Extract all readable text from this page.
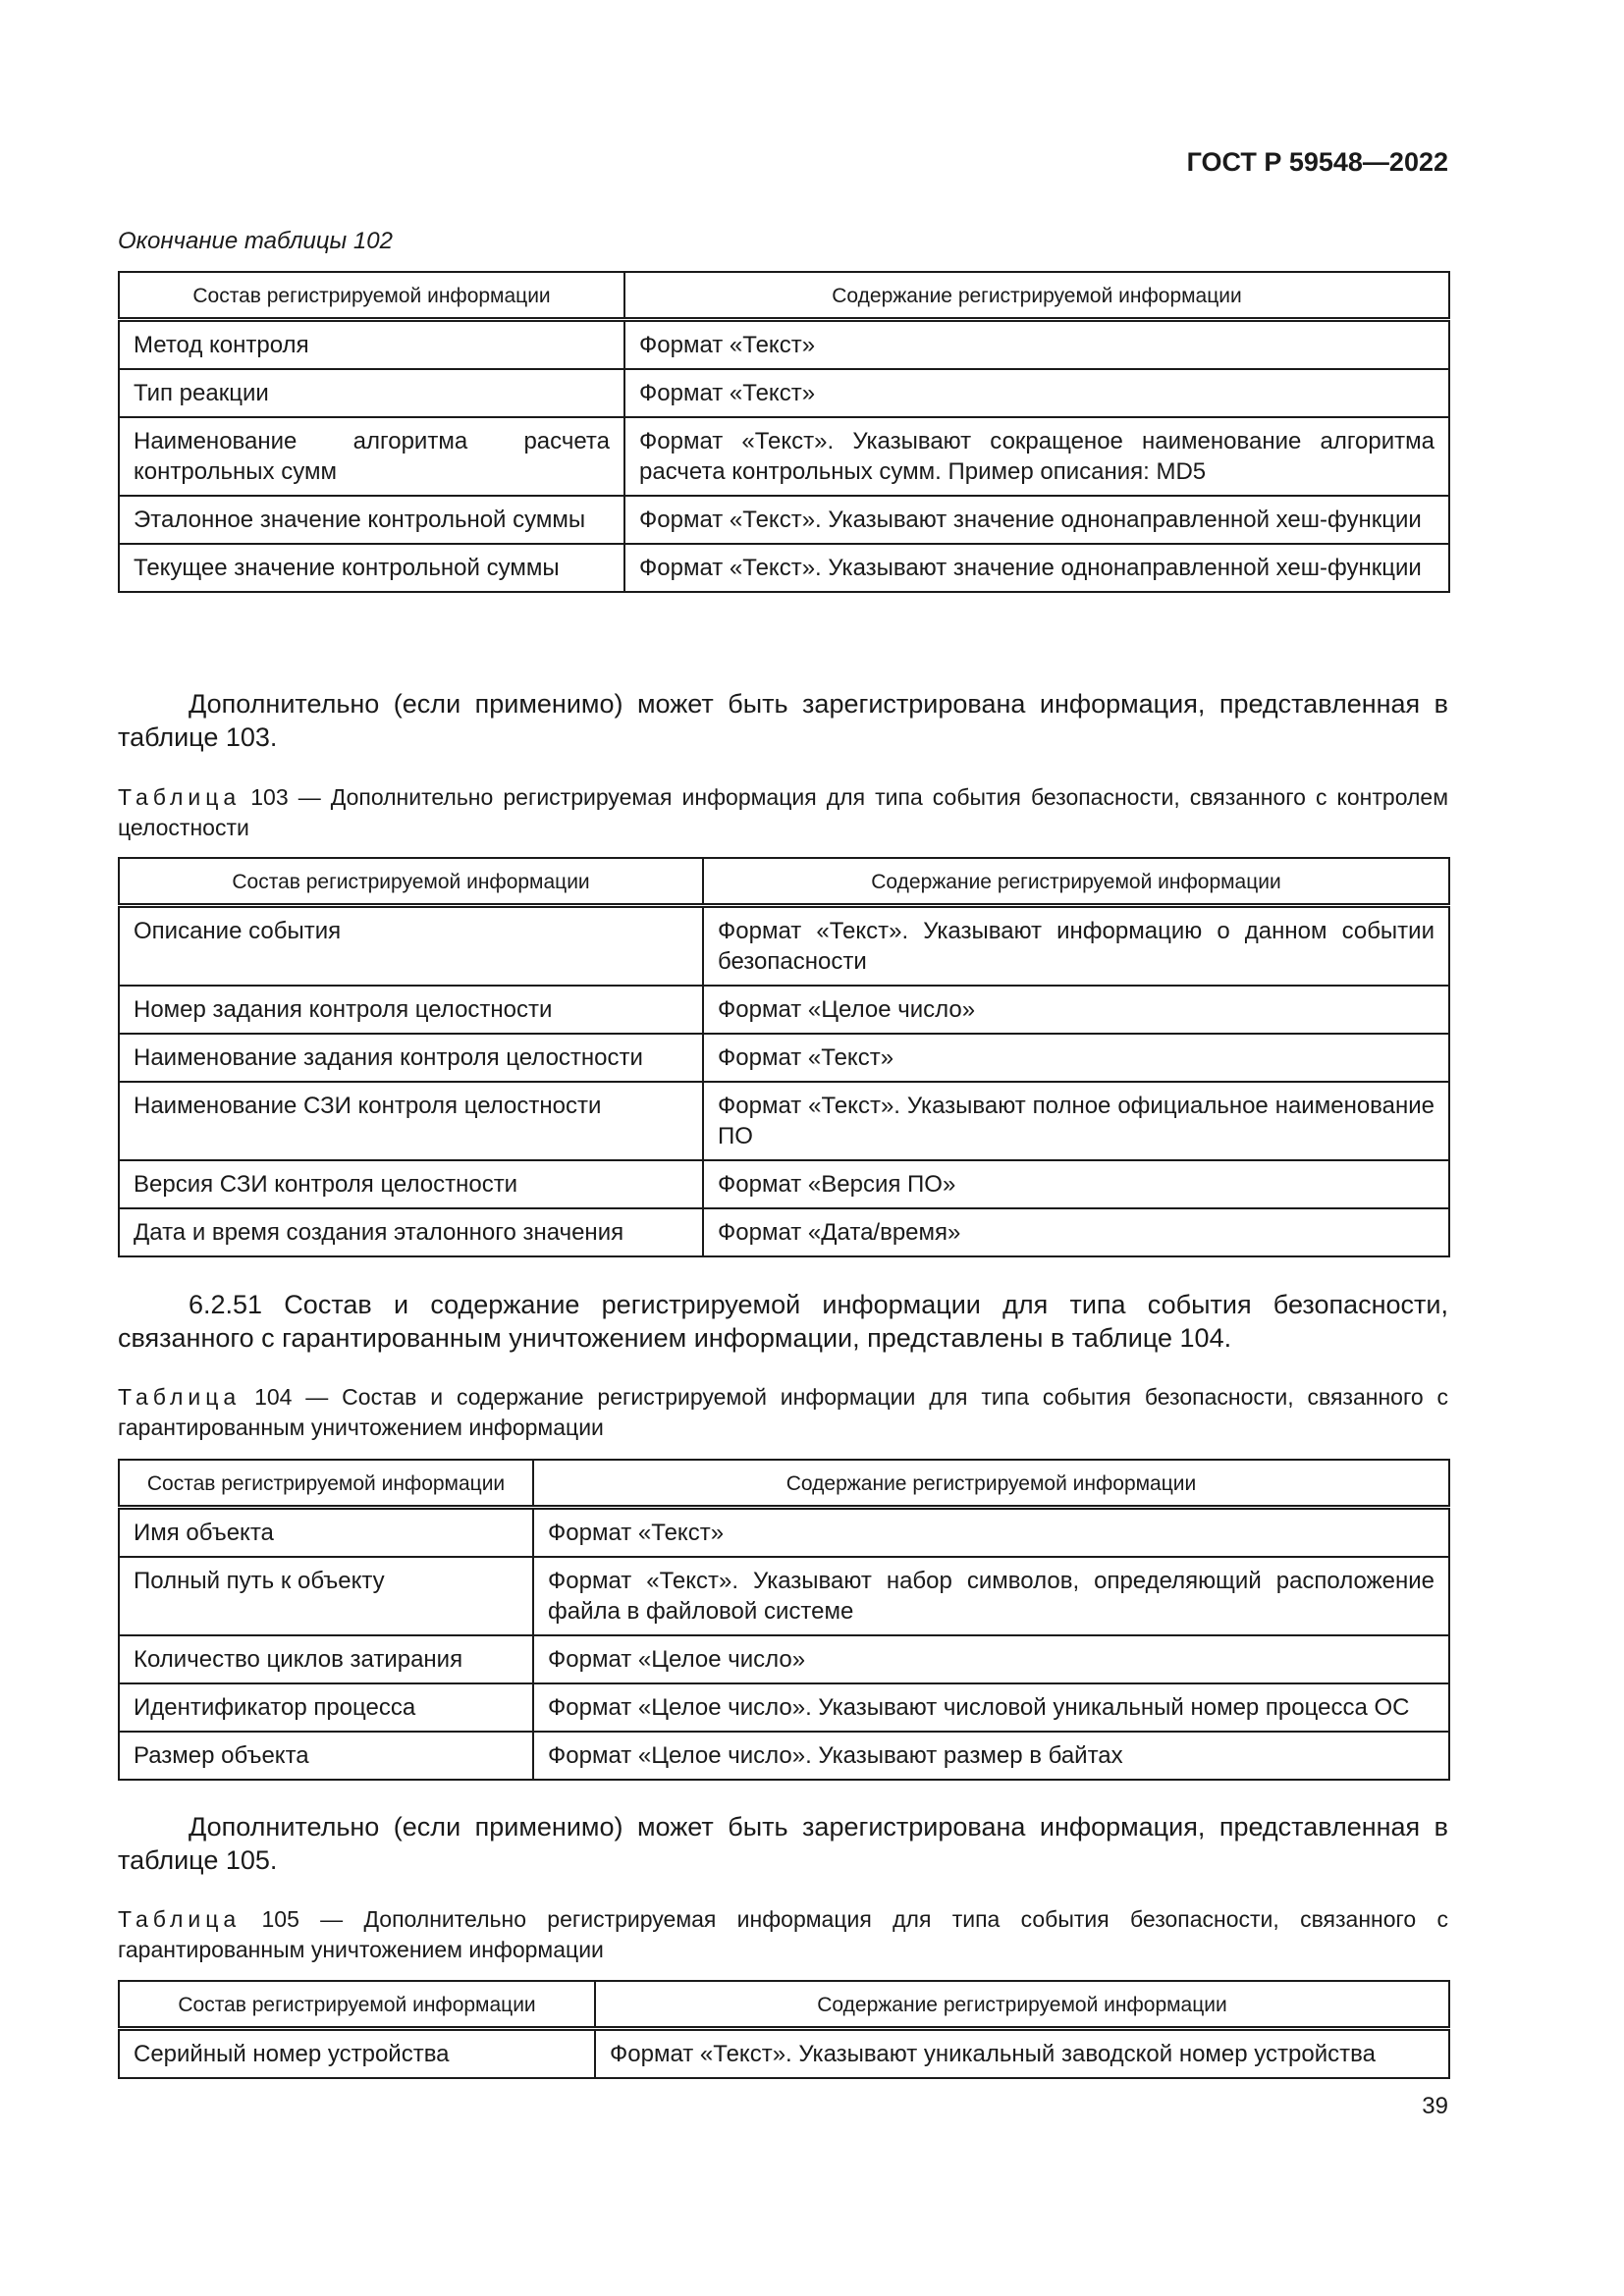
ГОСТ Р 59548—2022
Окончание таблицы 102
Состав регистрируемой информации	Содержание регистрируемой информации
Метод контроля	Формат «Текст»
Тип реакции	Формат «Текст»
Наименование алгоритма расчета контрольных сумм	Формат «Текст». Указывают сокращеное наименование алгоритма расчета контрольных сумм. Пример описания: MD5
Эталонное значение контрольной суммы	Формат «Текст». Указывают значение однонаправленной хеш-функции
Текущее значение контрольной суммы	Формат «Текст». Указывают значение однонаправленной хеш-функции
Дополнительно (если применимо) может быть зарегистрирована информация, представленная в таблице 103.
Таблица 103 — Дополнительно регистрируемая информация для типа события безопасности, связанного с контролем целостности
Состав регистрируемой информации	Содержание регистрируемой информации
Описание события	Формат «Текст». Указывают информацию о данном событии безопасности
Номер задания контроля целостности	Формат «Целое число»
Наименование задания контроля целостности	Формат «Текст»
Наименование СЗИ контроля целостности	Формат «Текст». Указывают полное официальное наименование ПО
Версия СЗИ контроля целостности	Формат «Версия ПО»
Дата и время создания эталонного значения	Формат «Дата/время»
6.2.51 Состав и содержание регистрируемой информации для типа события безопасности, связанного с гарантированным уничтожением информации, представлены в таблице 104.
Таблица 104 — Состав и содержание регистрируемой информации для типа события безопасности, связанного с гарантированным уничтожением информации
Состав регистрируемой информации	Содержание регистрируемой информации
Имя объекта	Формат «Текст»
Полный путь к объекту	Формат «Текст». Указывают набор символов, определяющий расположение файла в файловой системе
Количество циклов затирания	Формат «Целое число»
Идентификатор процесса	Формат «Целое число». Указывают числовой уникальный номер процесса ОС
Размер объекта	Формат «Целое число». Указывают размер в байтах
Дополнительно (если применимо) может быть зарегистрирована информация, представленная в таблице 105.
Таблица 105 — Дополнительно регистрируемая информация для типа события безопасности, связанного с гарантированным уничтожением информации
Состав регистрируемой информации	Содержание регистрируемой информации
Серийный номер устройства	Формат «Текст». Указывают уникальный заводской номер устройства
39
